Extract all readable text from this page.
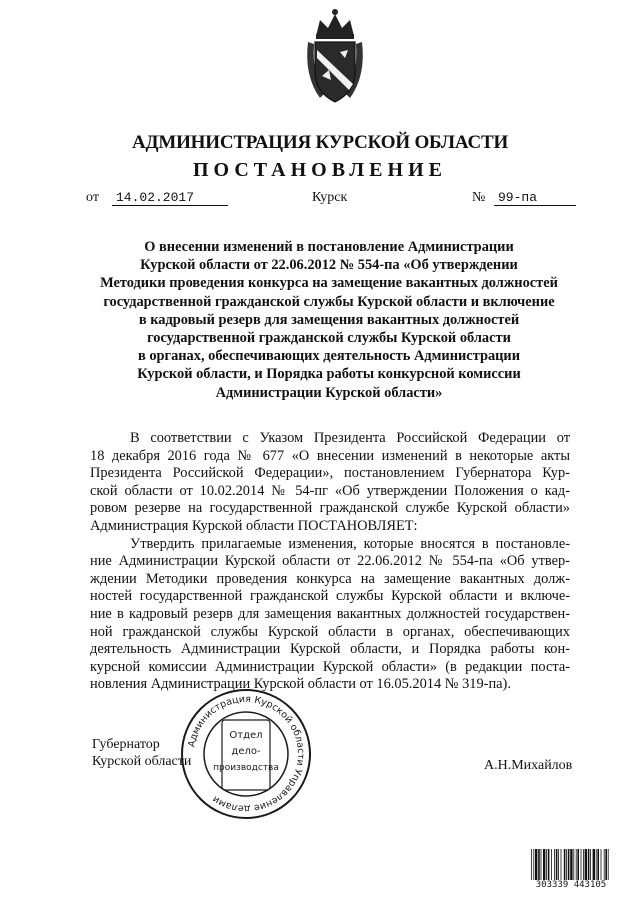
АДМИНИСТРАЦИЯ КУРСКОЙ ОБЛАСТИ
ПОСТАНОВЛЕНИЕ
от	14.02.2017	Курск	№ 99-па
О внесении изменений в постановление Администрации
Курской области от 22.06.2012 № 554-па «Об утверждении
Методики проведения конкурса на замещение вакантных должностей
государственной гражданской службы Курской области и включение
в кадровый резерв для замещения вакантных должностей
государственной гражданской службы Курской области
в органах, обеспечивающих деятельность Администрации
Курской области, и Порядка работы конкурсной комиссии
Администрации Курской области»
В соответствии с Указом Президента Российской Федерации от
18 декабря 2016 года № 677 «О внесении изменений в некоторые акты
Президента Российской Федерации», постановлением Губернатора Кур-
ской области от 10.02.2014 № 54-пг «Об утверждении Положения о кад-
ровом резерве на государственной гражданской службе Курской области»
Администрация Курской области ПОСТАНОВЛЯЕТ:
Утвердить прилагаемые изменения, которые вносятся в постановле-
ние Администрации Курской области от 22.06.2012 № 554-па «Об утвер-
ждении Методики проведения конкурса на замещение вакантных долж-
ностей государственной гражданской службы Курской области и включе-
ние в кадровый резерв для замещения вакантных должностей государствен-
ной гражданской службы Курской области в органах, обеспечивающих
деятельность Администрации Курской области, и Порядка работы кон-
курсной комиссии Администрации Курской области» (в редакции поста-
новления Администрации Курской области от 16.05.2014 № 319-па).
Губернатор
Курской области	А.Н.Михайлов
Администрация Курской области Управление делами
Отдел
дело-
производства
303339 443105
